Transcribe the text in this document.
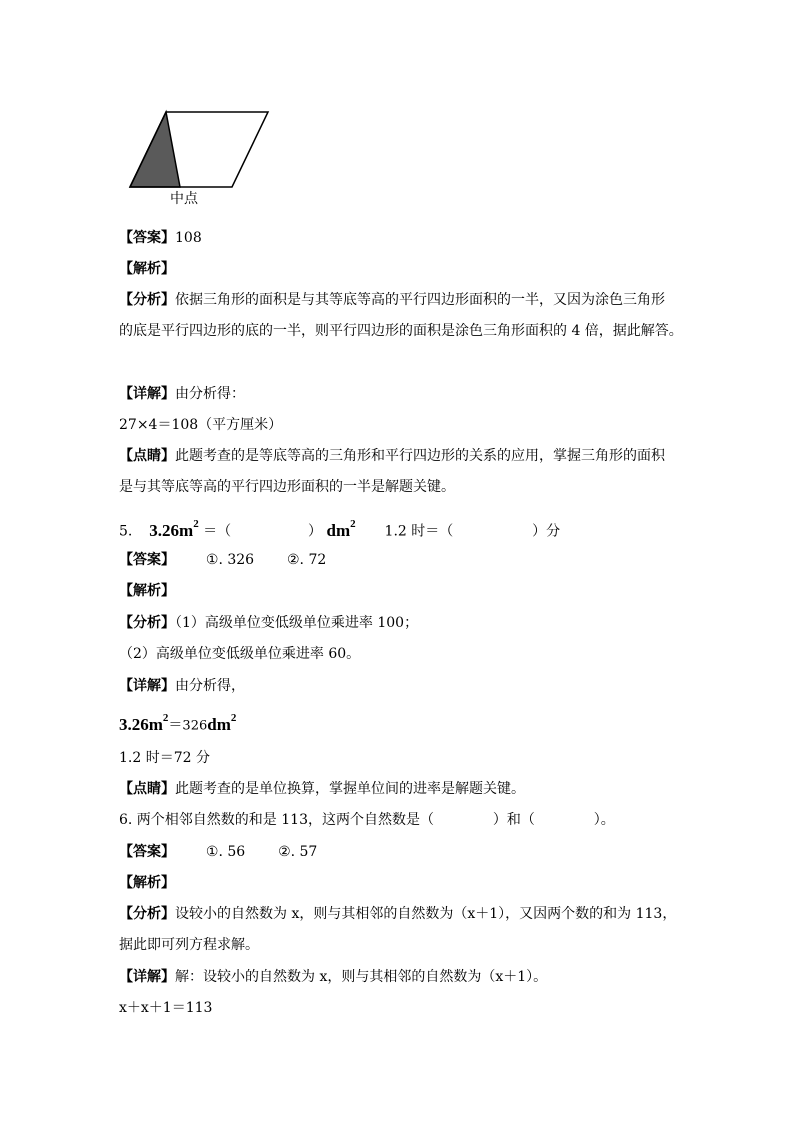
中点
【答案】108
【解析】
【分析】依据三角形的面积是与其等底等高的平行四边形面积的一半，又因为涂色三角形
的底是平行四边形的底的一半，则平行四边形的面积是涂色三角形面积的 4 倍，据此解答。
【详解】由分析得：
27×4＝108（平方厘米）
【点睛】此题考查的是等底等高的三角形和平行四边形的关系的应用，掌握三角形的面积
是与其等底等高的平行四边形面积的一半是解题关键。
5. $3.26m^2$ ＝（	） $dm^2$ 1.2 时＝（	）分
【答案】 ①. 326 ②. 72
【解析】
【分析】（1）高级单位变低级单位乘进率 100；
（2）高级单位变低级单位乘进率 60。
【详解】由分析得，
$3.26m^2=326dm^2$
1.2 时＝72 分
【点睛】此题考查的是单位换算，掌握单位间的进率是解题关键。
6. 两个相邻自然数的和是 113，这两个自然数是（	）和（	）。
【答案】 ①. 56 ②. 57
【解析】
【分析】设较小的自然数为 x，则与其相邻的自然数为（x＋1），又因两个数的和为 113，
据此即可列方程求解。
【详解】解：设较小的自然数为 x，则与其相邻的自然数为（x＋1）。
x＋x＋1＝113
